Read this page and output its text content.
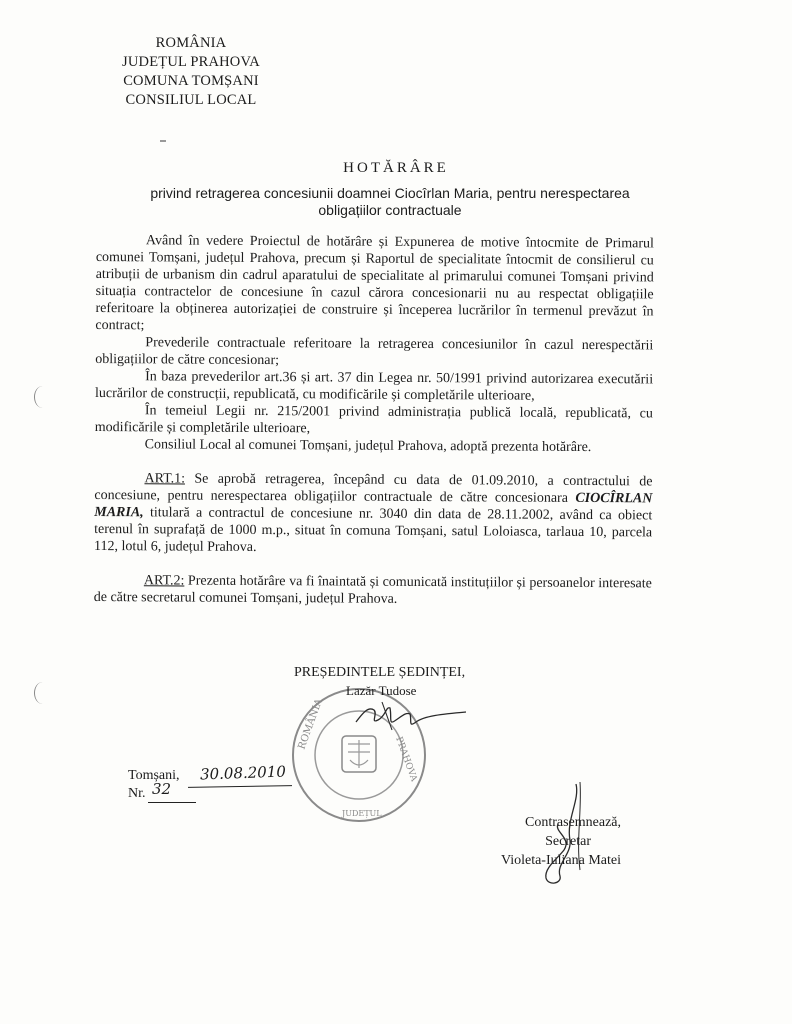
ROMÂNIA
JUDEȚUL PRAHOVA
COMUNA TOMȘANI
CONSILIUL LOCAL
HOTĂRÂRE
privind retragerea concesiunii doamnei Ciocîrlan Maria, pentru nerespectarea obligațiilor contractuale

Având în vedere Proiectul de hotărâre și Expunerea de motive întocmite de Primarul comunei Tomșani, județul Prahova, precum și Raportul de specialitate întocmit de consilierul cu atribuții de urbanism din cadrul aparatului de specialitate al primarului comunei Tomșani privind situația contractelor de concesiune în cazul cărora concesionarii nu au respectat obligațiile referitoare la obținerea autorizației de construire și începerea lucrărilor în termenul prevăzut în contract;

Prevederile contractuale referitoare la retragerea concesiunilor în cazul nerespectării obligațiilor de către concesionar;

În baza prevederilor art.36 și art. 37 din Legea nr. 50/1991 privind autorizarea executării lucrărilor de construcții, republicată, cu modificările și completările ulterioare,

În temeiul Legii nr. 215/2001 privind administrația publică locală, republicată, cu modificările și completările ulterioare,

Consiliul Local al comunei Tomșani, județul Prahova, adoptă prezenta hotărâre.

ART.1: Se aprobă retragerea, începând cu data de 01.09.2010, a contractului de concesiune, pentru nerespectarea obligațiilor contractuale de către concesionara CIOCÎRLAN MARIA, titulară a contractul de concesiune nr. 3040 din data de 28.11.2002, având ca obiect terenul în suprafață de 1000 m.p., situat în comuna Tomșani, satul Loloiasca, tarlaua 10, parcela 112, lotul 6, județul Prahova.

ART.2: Prezenta hotărâre va fi înaintată și comunicată instituțiilor și persoanelor interesate de către secretarul comunei Tomșani, județul Prahova.

ROMÂNIA
JUDEȚUL
PRAHOVA
PREȘEDINTELE ȘEDINȚEI,
Lazăr Tudose
Tomșani, 30.08.2010
Nr. 32
Contrasemnează,
Secretar
Violeta-Iuliana Matei
